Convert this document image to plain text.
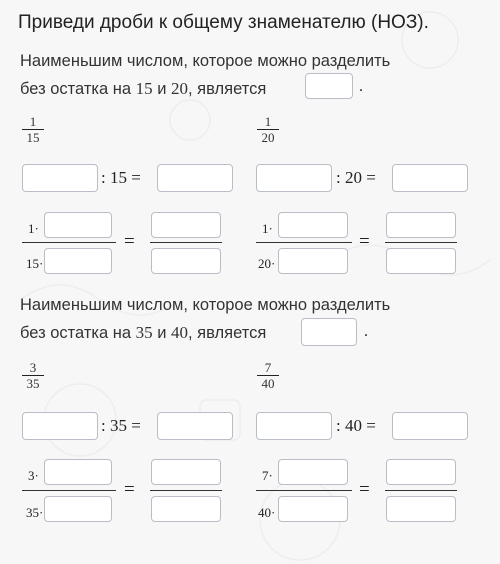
Приведи дроби к общему знаменателю (НОЗ).
Наименьшим числом, которое можно разделить
без остатка на 15 и 20, является	.
1
15
1
20
: 15 =	: 20 =
1·
15·
=
1·
20·
=
Наименьшим числом, которое можно разделить
без остатка на 35 и 40, является	.
3
35
7
40
: 35 =	: 40 =
3·
35·
=
7·
40·
=
